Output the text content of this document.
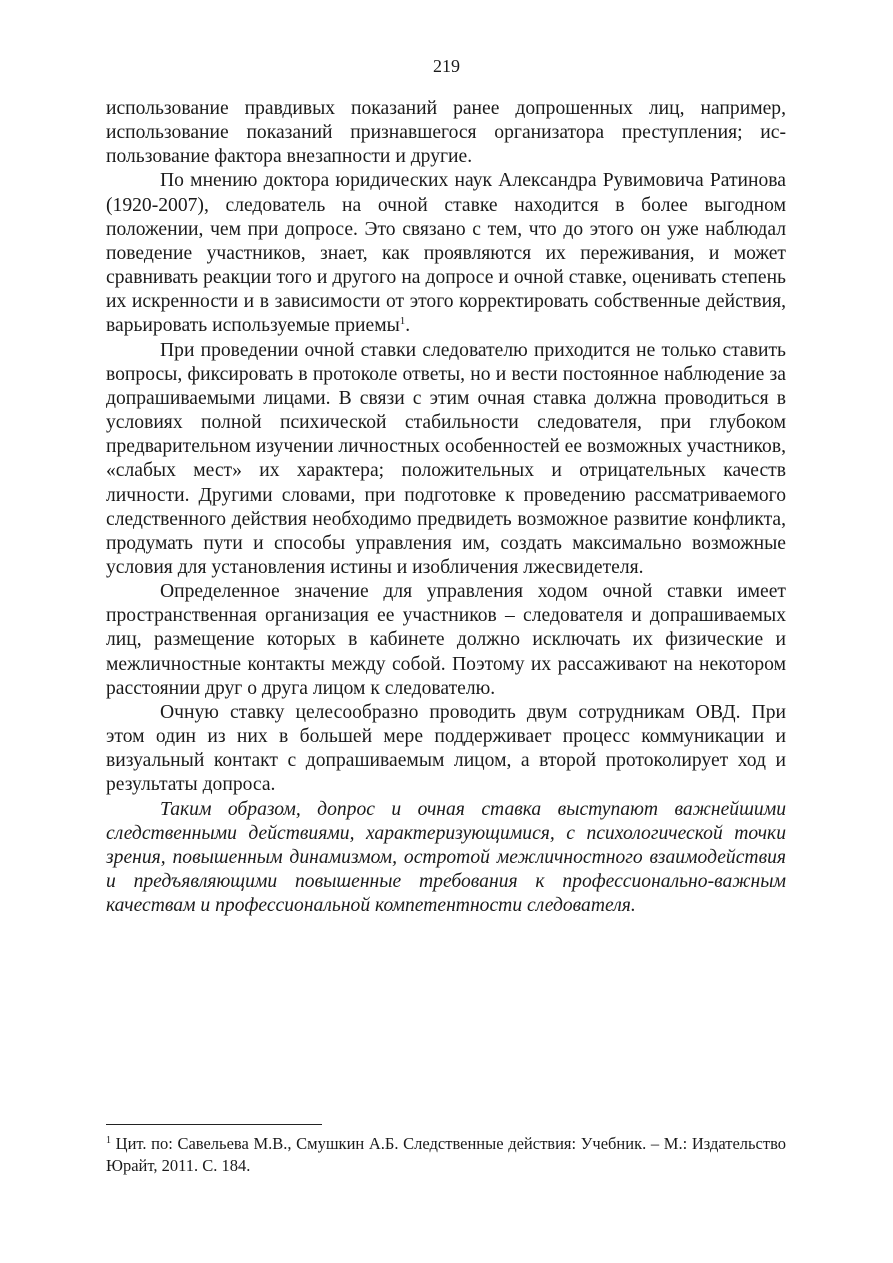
219

использование правдивых показаний ранее допрошенных лиц, например, использование показаний признавшегося организатора преступления; использование фактора внезапности и другие.

По мнению доктора юридических наук Александра Рувимовича Ратинова (1920-2007), следователь на очной ставке находится в более выгодном положении, чем при допросе. Это связано с тем, что до этого он уже наблюдал поведение участников, знает, как проявляются их переживания, и может сравнивать реакции того и другого на допросе и очной ставке, оценивать степень их искренности и в зависимости от этого корректировать собственные действия, варьировать используемые приемы$^1$.

При проведении очной ставки следователю приходится не только ставить вопросы, фиксировать в протоколе ответы, но и вести постоянное наблюдение за допрашиваемыми лицами. В связи с этим очная ставка должна проводиться в условиях полной психической стабильности следователя, при глубоком предварительном изучении личностных особенностей ее возможных участников, «слабых мест» их характера; положительных и отрицательных качеств личности. Другими словами, при подготовке к проведению рассматриваемого следственного действия необходимо предвидеть возможное развитие конфликта, продумать пути и способы управления им, создать максимально возможные условия для установления истины и изобличения лжесвидетеля.

Определенное значение для управления ходом очной ставки имеет пространственная организация ее участников – следователя и допрашиваемых лиц, размещение которых в кабинете должно исключать их физические и межличностные контакты между собой. Поэтому их рассаживают на некотором расстоянии друг о друга лицом к следователю.

Очную ставку целесообразно проводить двум сотрудникам ОВД. При этом один из них в большей мере поддерживает процесс коммуникации и визуальный контакт с допрашиваемым лицом, а второй протоколирует ход и результаты допроса.

Таким образом, допрос и очная ставка выступают важнейшими следственными действиями, характеризующимися, с психологической точки зрения, повышенным динамизмом, остротой межличностного взаимодействия и предъявляющими повышенные требования к профессионально-важным качествам и профессиональной компетентности следователя.

$^1$ Цит. по: Савельева М.В., Смушкин А.Б. Следственные действия: Учебник. – М.: Издательство Юрайт, 2011. С. 184.
